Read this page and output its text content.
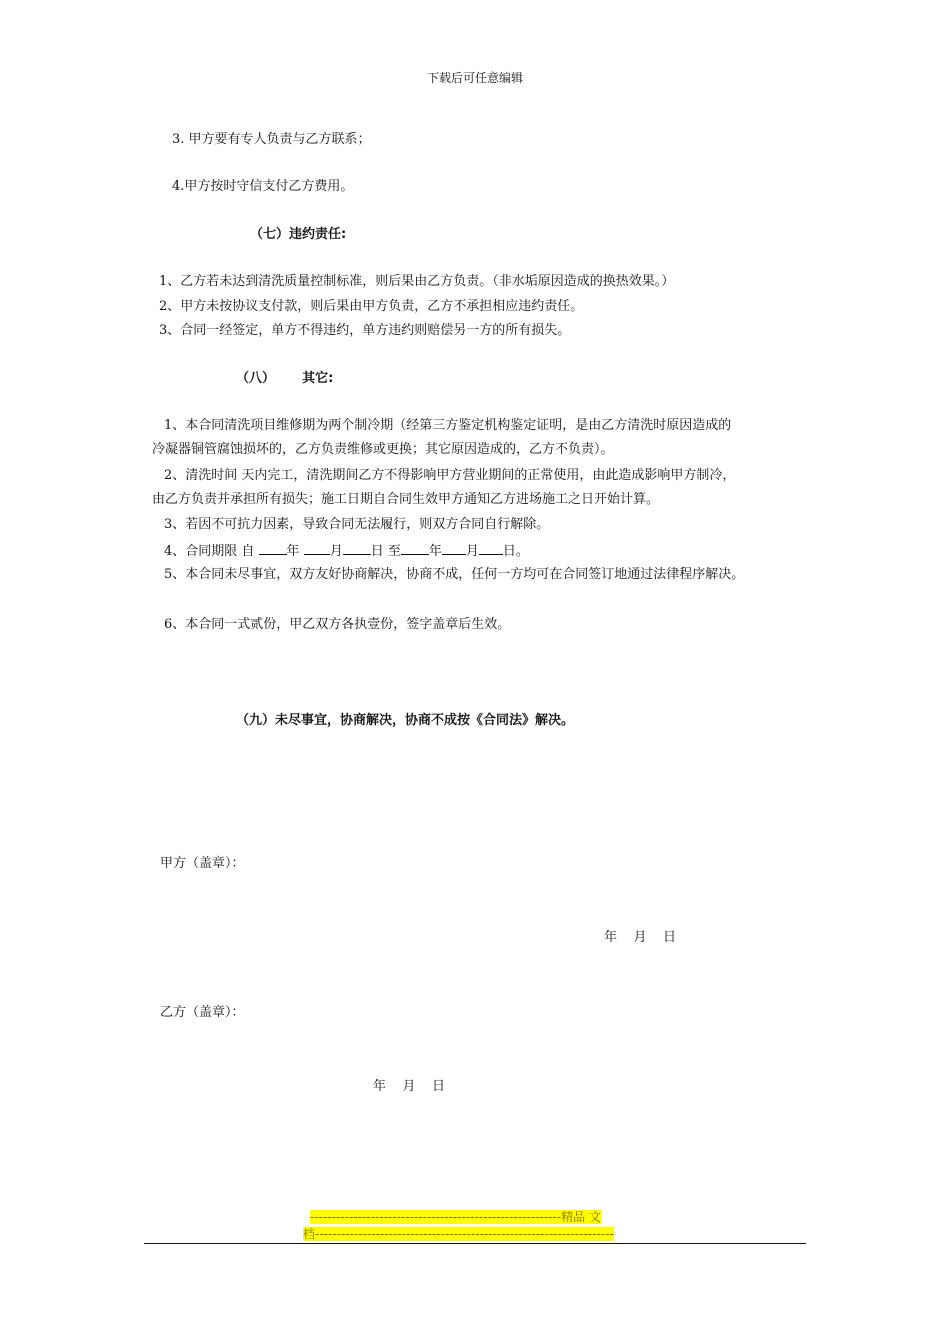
下载后可任意编辑
3. 甲方要有专人负责与乙方联系；
4.甲方按时守信支付乙方费用。
（七）违约责任:
1、乙方若未达到清洗质量控制标准，则后果由乙方负责。（非水垢原因造成的换热效果。）
2、甲方未按协议支付款，则后果由甲方负责，乙方不承担相应违约责任。
3、合同一经签定，单方不得违约，单方违约则赔偿另一方的所有损失。
（八） 其它:
1、本合同清洗项目维修期为两个制冷期（经第三方鉴定机构鉴定证明，是由乙方清洗时原因造成的
冷凝器铜管腐蚀损坏的，乙方负责维修或更换；其它原因造成的，乙方不负责）。
2、清洗时间 天内完工，清洗期间乙方不得影响甲方营业期间的正常使用，由此造成影响甲方制冷，
由乙方负责并承担所有损失；施工日期自合同生效甲方通知乙方进场施工之日开始计算。
3、若因不可抗力因素，导致合同无法履行，则双方合同自行解除。
4、合同期限 自 年 月 日 至 年 月 日。
5、本合同未尽事宜，双方友好协商解决，协商不成，任何一方均可在合同签订地通过法律程序解决。
6、本合同一式贰份，甲乙双方各执壹份，签字盖章后生效。
（九）未尽事宜，协商解决，协商不成按《合同法》解决。
甲方（盖章）：
年    月    日
乙方（盖章）：
年    月    日
----------------------------------------------------------精品 文
档---------------------------------------------------------------------
